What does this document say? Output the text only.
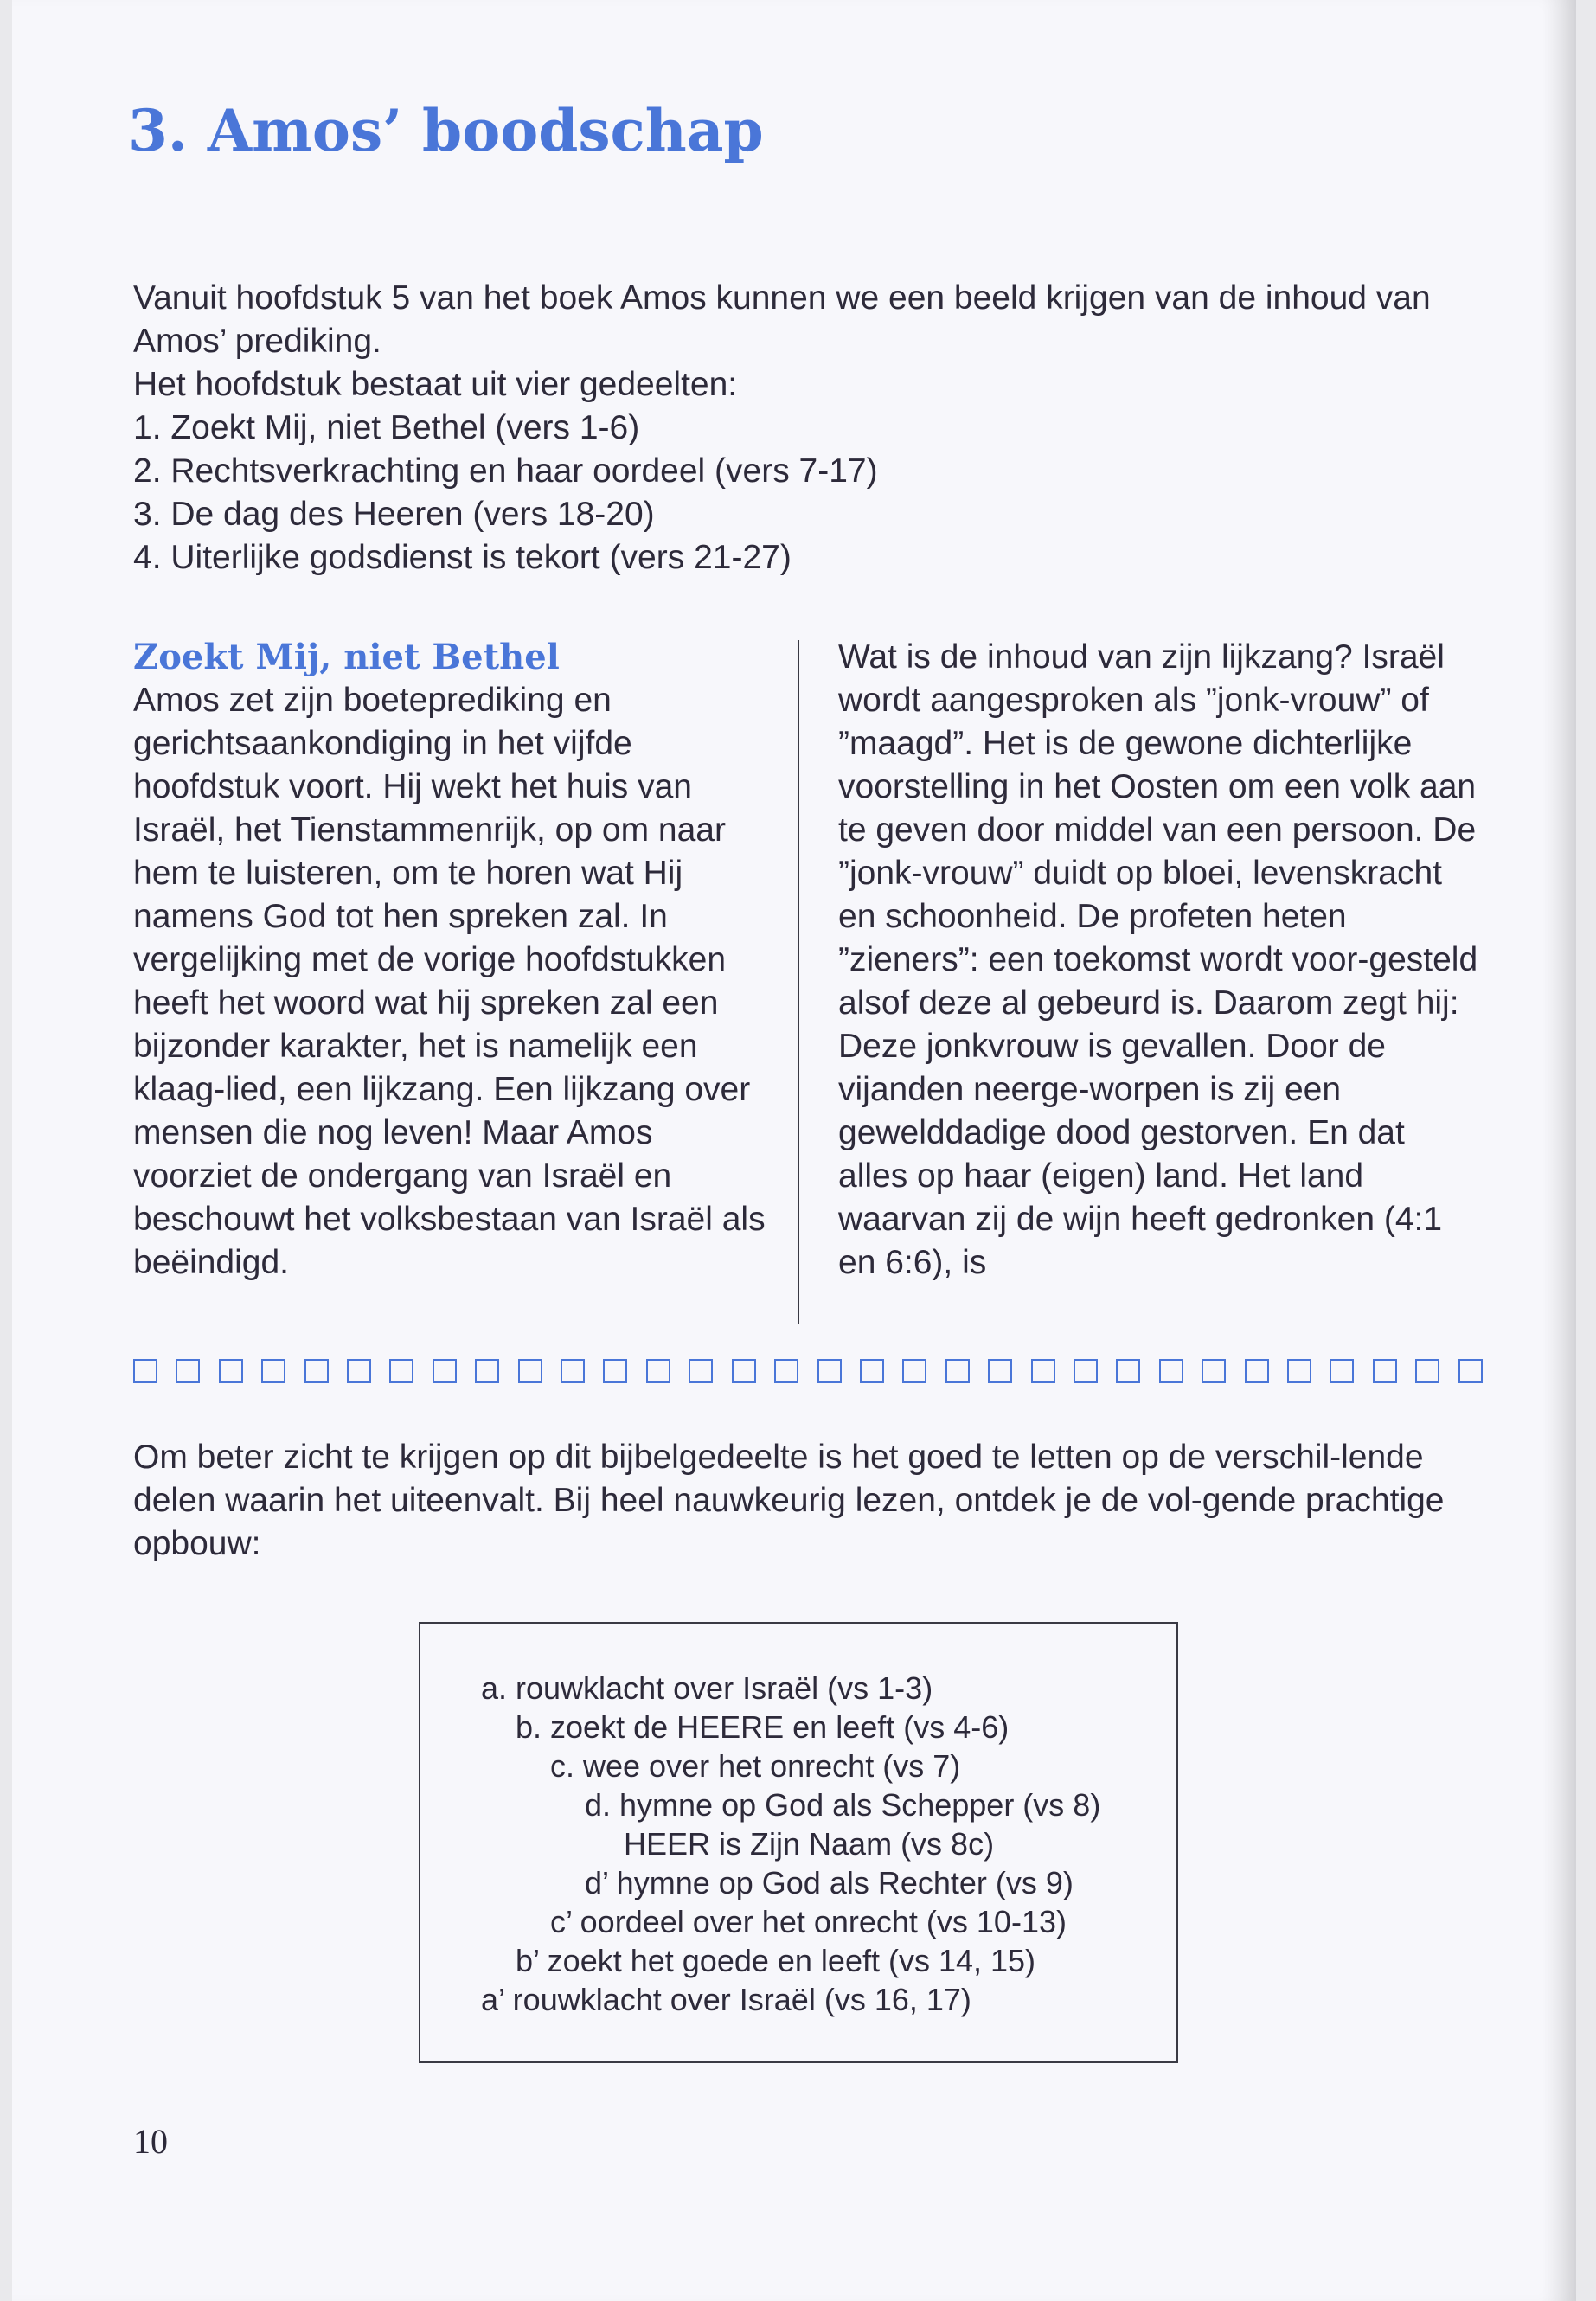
3. Amos’ boodschap

Vanuit hoofdstuk 5 van het boek Amos kunnen we een beeld krijgen van de inhoud van Amos’ prediking.

Het hoofdstuk bestaat uit vier gedeelten:

1. Zoekt Mij, niet Bethel (vers 1-6)
2. Rechtsverkrachting en haar oordeel (vers 7-17)
3. De dag des Heeren (vers 18-20)
4. Uiterlijke godsdienst is tekort (vers 21-27)
Zoekt Mij, niet Bethel

Amos zet zijn boeteprediking en gerichtsaankondiging in het vijfde hoofdstuk voort. Hij wekt het huis van Israël, het Tienstammenrijk, op om naar hem te luisteren, om te horen wat Hij namens God tot hen spreken zal. In vergelijking met de vorige hoofdstukken heeft het woord wat hij spreken zal een bijzonder karakter, het is namelijk een klaag-lied, een lijkzang. Een lijkzang over mensen die nog leven! Maar Amos voorziet de ondergang van Israël en beschouwt het volksbestaan van Israël als beëindigd.

Wat is de inhoud van zijn lijkzang? Israël wordt aangesproken als ”jonk-vrouw” of ”maagd”. Het is de gewone dichterlijke voorstelling in het Oosten om een volk aan te geven door middel van een persoon. De ”jonk-vrouw” duidt op bloei, levenskracht en schoonheid. De profeten heten ”zieners”: een toekomst wordt voor-gesteld alsof deze al gebeurd is. Daarom zegt hij: Deze jonkvrouw is gevallen. Door de vijanden neerge-worpen is zij een gewelddadige dood gestorven. En dat alles op haar (eigen) land. Het land waarvan zij de wijn heeft gedronken (4:1 en 6:6), is

Om beter zicht te krijgen op dit bijbelgedeelte is het goed te letten op de verschil-lende delen waarin het uiteenvalt. Bij heel nauwkeurig lezen, ontdek je de vol-gende prachtige opbouw:

a. rouwklacht over Israël (vs 1-3)
b. zoekt de HEERE en leeft (vs 4-6)
c. wee over het onrecht (vs 7)
d. hymne op God als Schepper (vs 8)
HEER is Zijn Naam (vs 8c)
d’ hymne op God als Rechter (vs 9)
c’ oordeel over het onrecht (vs 10-13)
b’ zoekt het goede en leeft (vs 14, 15)
a’ rouwklacht over Israël (vs 16, 17)
10
